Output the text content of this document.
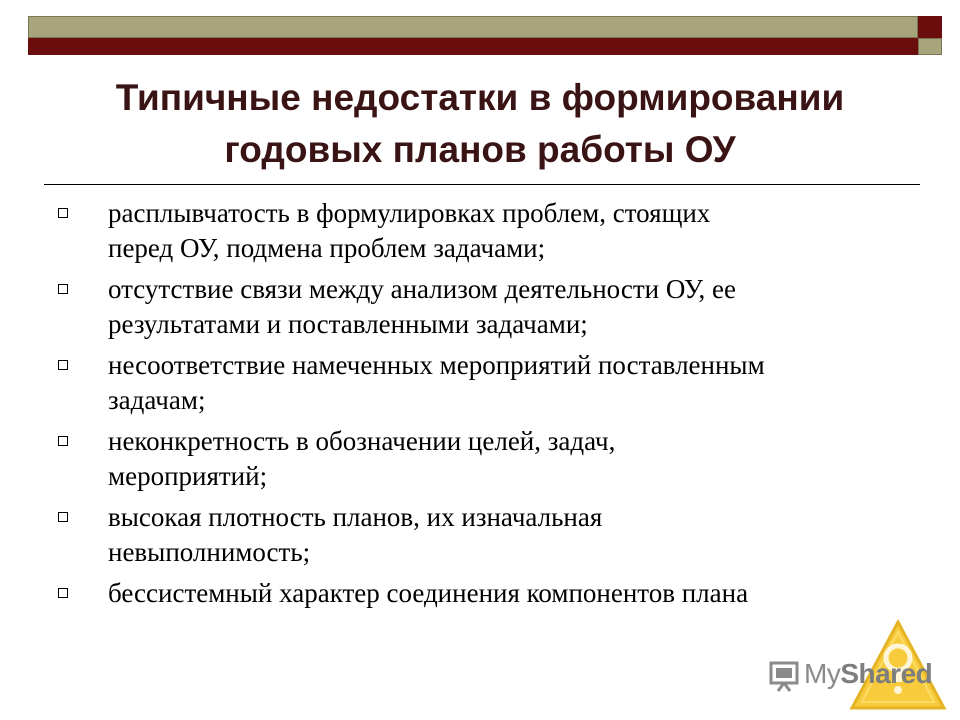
Типичные недостатки в формировании
годовых планов работы ОУ
расплывчатость в формулировках проблем, стоящих
перед ОУ, подмена проблем задачами;
отсутствие связи между анализом деятельности ОУ, ее
результатами и поставленными задачами;
несоответствие намеченных мероприятий поставленным
задачам;
неконкретность в обозначении целей, задач,
мероприятий;
высокая плотность планов, их изначальная
невыполнимость;
бессистемный характер соединения компонентов плана
MyShared
